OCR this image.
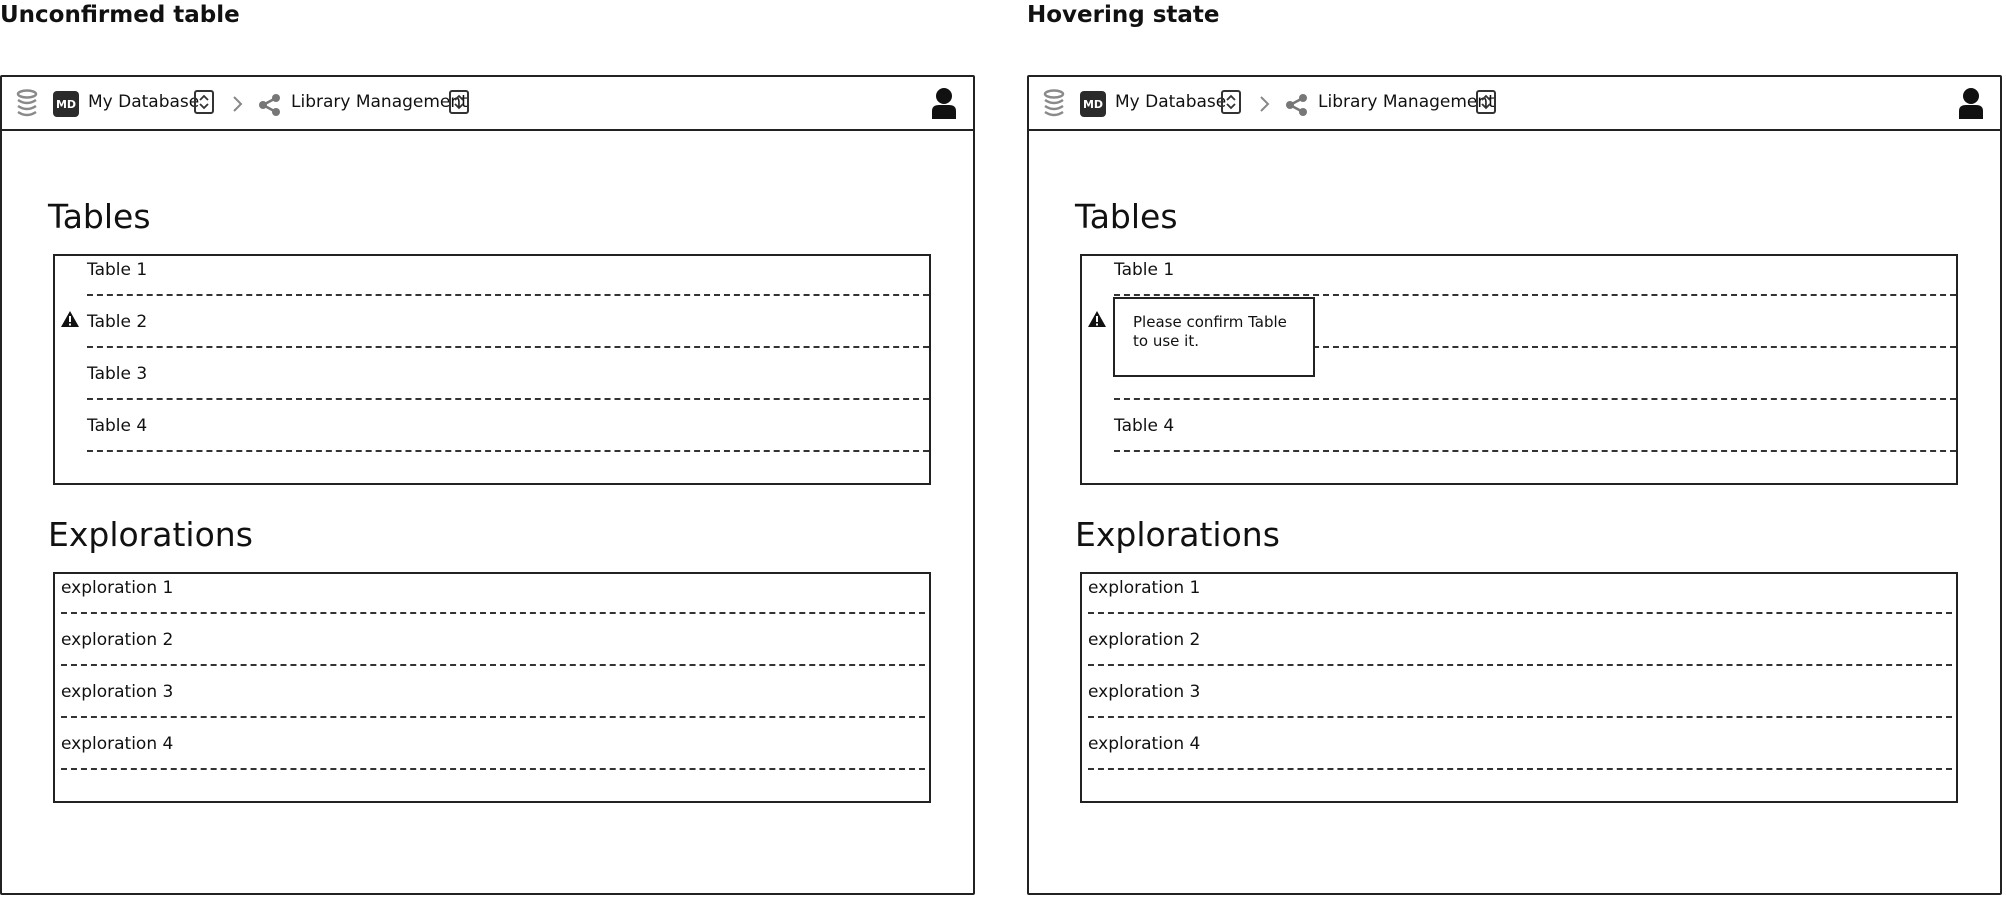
Unconfirmed table
MD My Database	Library Management
Tables
Table 1
Table 2
Table 3
Table 4
Explorations
exploration 1
exploration 2
exploration 3
exploration 4
Hovering state
MD My Database	Library Management
Tables
Table 1
Table 4
Please confirm Table to use it.
Explorations
exploration 1
exploration 2
exploration 3
exploration 4
